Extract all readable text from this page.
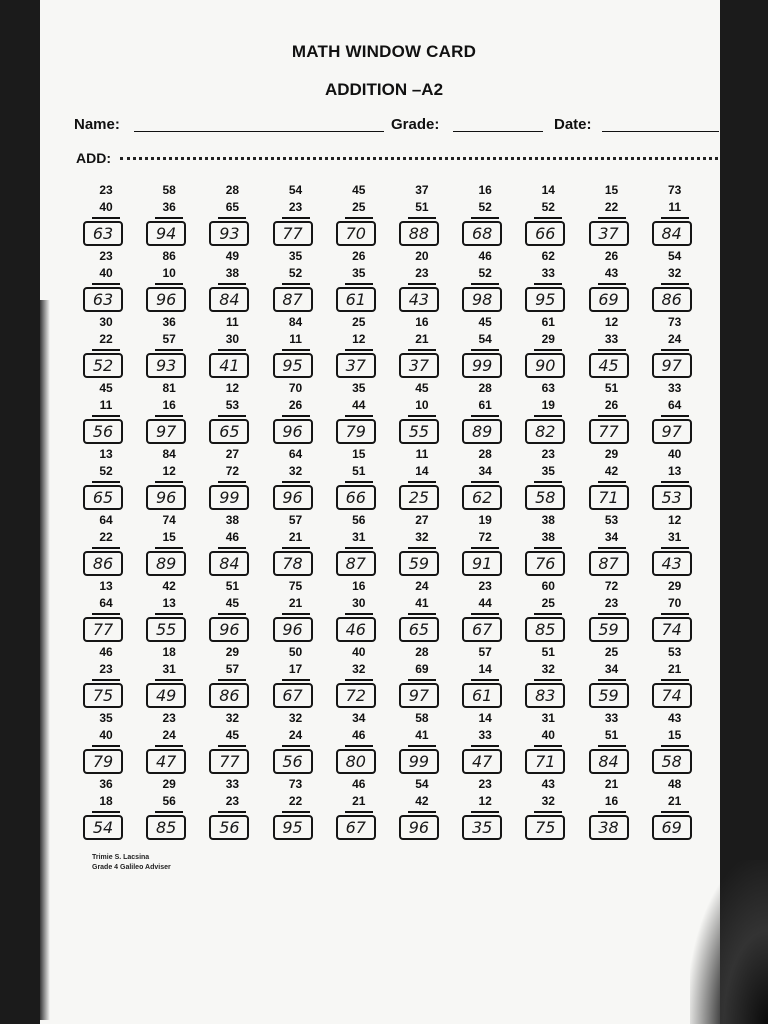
MATH WINDOW CARD
ADDITION –A2
Name:	Grade:	Date:
ADD:
23
40
63
58
36
94
28
65
93
54
23
77
45
25
70
37
51
88
16
52
68
14
52
66
15
22
37
73
11
84
23
40
63
86
10
96
49
38
84
35
52
87
26
35
61
20
23
43
46
52
98
62
33
95
26
43
69
54
32
86
30
22
52
36
57
93
11
30
41
84
11
95
25
12
37
16
21
37
45
54
99
61
29
90
12
33
45
73
24
97
45
11
56
81
16
97
12
53
65
70
26
96
35
44
79
45
10
55
28
61
89
63
19
82
51
26
77
33
64
97
13
52
65
84
12
96
27
72
99
64
32
96
15
51
66
11
14
25
28
34
62
23
35
58
29
42
71
40
13
53
64
22
86
74
15
89
38
46
84
57
21
78
56
31
87
27
32
59
19
72
91
38
38
76
53
34
87
12
31
43
13
64
77
42
13
55
51
45
96
75
21
96
16
30
46
24
41
65
23
44
67
60
25
85
72
23
59
29
70
74
46
23
75
18
31
49
29
57
86
50
17
67
40
32
72
28
69
97
57
14
61
51
32
83
25
34
59
53
21
74
35
40
79
23
24
47
32
45
77
32
24
56
34
46
80
58
41
99
14
33
47
31
40
71
33
51
84
43
15
58
36
18
54
29
56
85
33
23
56
73
22
95
46
21
67
54
42
96
23
12
35
43
32
75
21
16
38
48
21
69
Trimie S. Lacsina
Grade 4 Galileo Adviser
